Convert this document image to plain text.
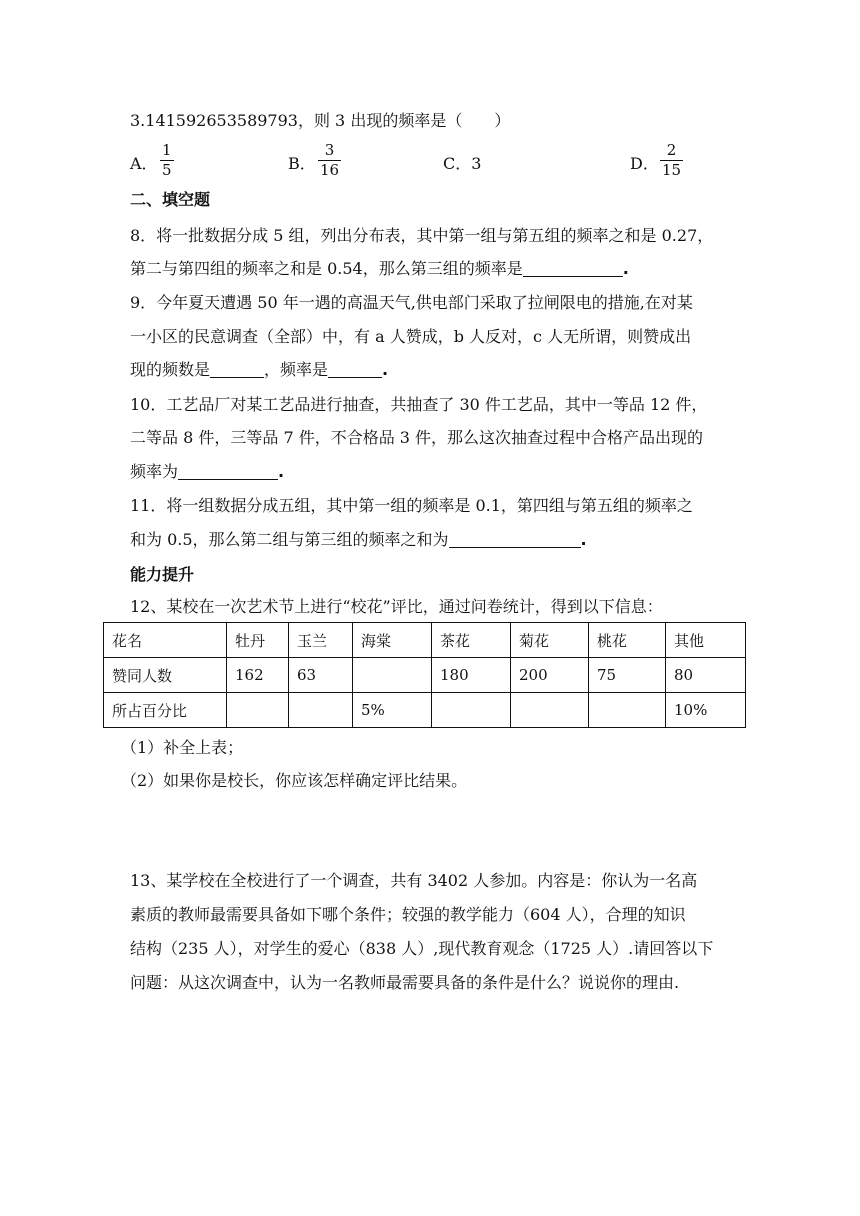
3.141592653589793，则 3 出现的频率是（　　）
A．
1
5	B．
3
16	C．3	D．
2
15
二、填空题
8．将一批数据分成 5 组，列出分布表，其中第一组与第五组的频率之和是 0.27，
第二与第四组的频率之和是 0.54，那么第三组的频率是	.
9．今年夏天遭遇 50 年一遇的高温天气,供电部门采取了拉闸限电的措施,在对某
一小区的民意调查（全部）中，有 a 人赞成，b 人反对，c 人无所谓，则赞成出
现的频数是	，频率是	.
10．工艺品厂对某工艺品进行抽查，共抽查了 30 件工艺品，其中一等品 12 件，
二等品 8 件，三等品 7 件，不合格品 3 件，那么这次抽查过程中合格产品出现的
频率为	.
11．将一组数据分成五组，其中第一组的频率是 0.1，第四组与第五组的频率之
和为 0.5，那么第二组与第三组的频率之和为	.
能力提升
12、某校在一次艺术节上进行“校花”评比，通过问卷统计，得到以下信息：
花名	牡丹	玉兰	海棠	茶花	菊花	桃花	其他
赞同人数	162	63		180	200	75	80
所占百分比			5%				10%
（1）补全上表；
（2）如果你是校长，你应该怎样确定评比结果。
13、某学校在全校进行了一个调查，共有 3402 人参加。内容是：你认为一名高
素质的教师最需要具备如下哪个条件；较强的教学能力（604 人），合理的知识
结构（235 人），对学生的爱心（838 人）,现代教育观念（1725 人）.请回答以下
问题：从这次调查中，认为一名教师最需要具备的条件是什么？说说你的理由.
